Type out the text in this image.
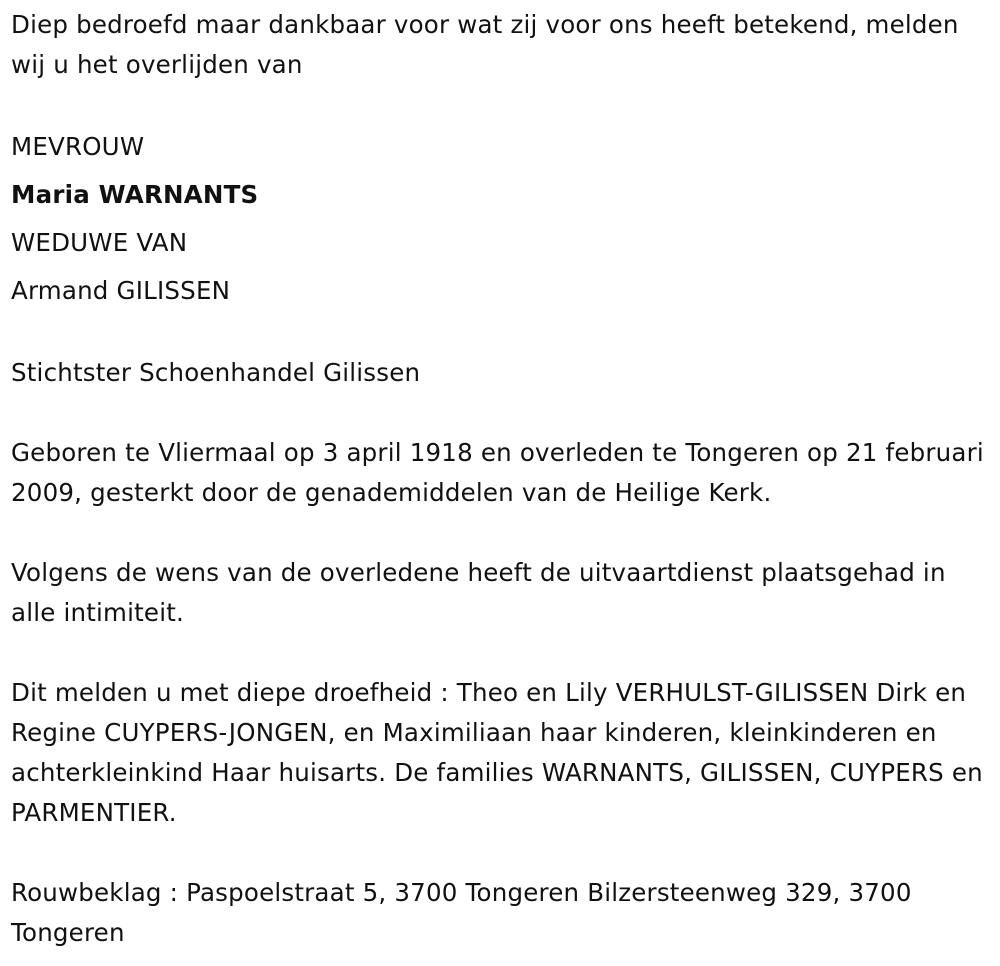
Diep bedroefd maar dankbaar voor wat zij voor ons heeft betekend, melden wij u het overlijden van

MEVROUW
Maria WARNANTS
WEDUWE VAN
Armand GILISSEN

Stichtster Schoenhandel Gilissen

Geboren te Vliermaal op 3 april 1918 en overleden te Tongeren op 21 februari 2009, gesterkt door de genademiddelen van de Heilige Kerk.

Volgens de wens van de overledene heeft de uitvaartdienst plaatsgehad in alle intimiteit.

Dit melden u met diepe droefheid : Theo en Lily VERHULST-GILISSEN Dirk en Regine CUYPERS-JONGEN, en Maximiliaan haar kinderen, kleinkinderen en achterkleinkind Haar huisarts. De families WARNANTS, GILISSEN, CUYPERS en PARMENTIER.

Rouwbeklag : Paspoelstraat 5, 3700 Tongeren Bilzersteenweg 329, 3700 Tongeren
